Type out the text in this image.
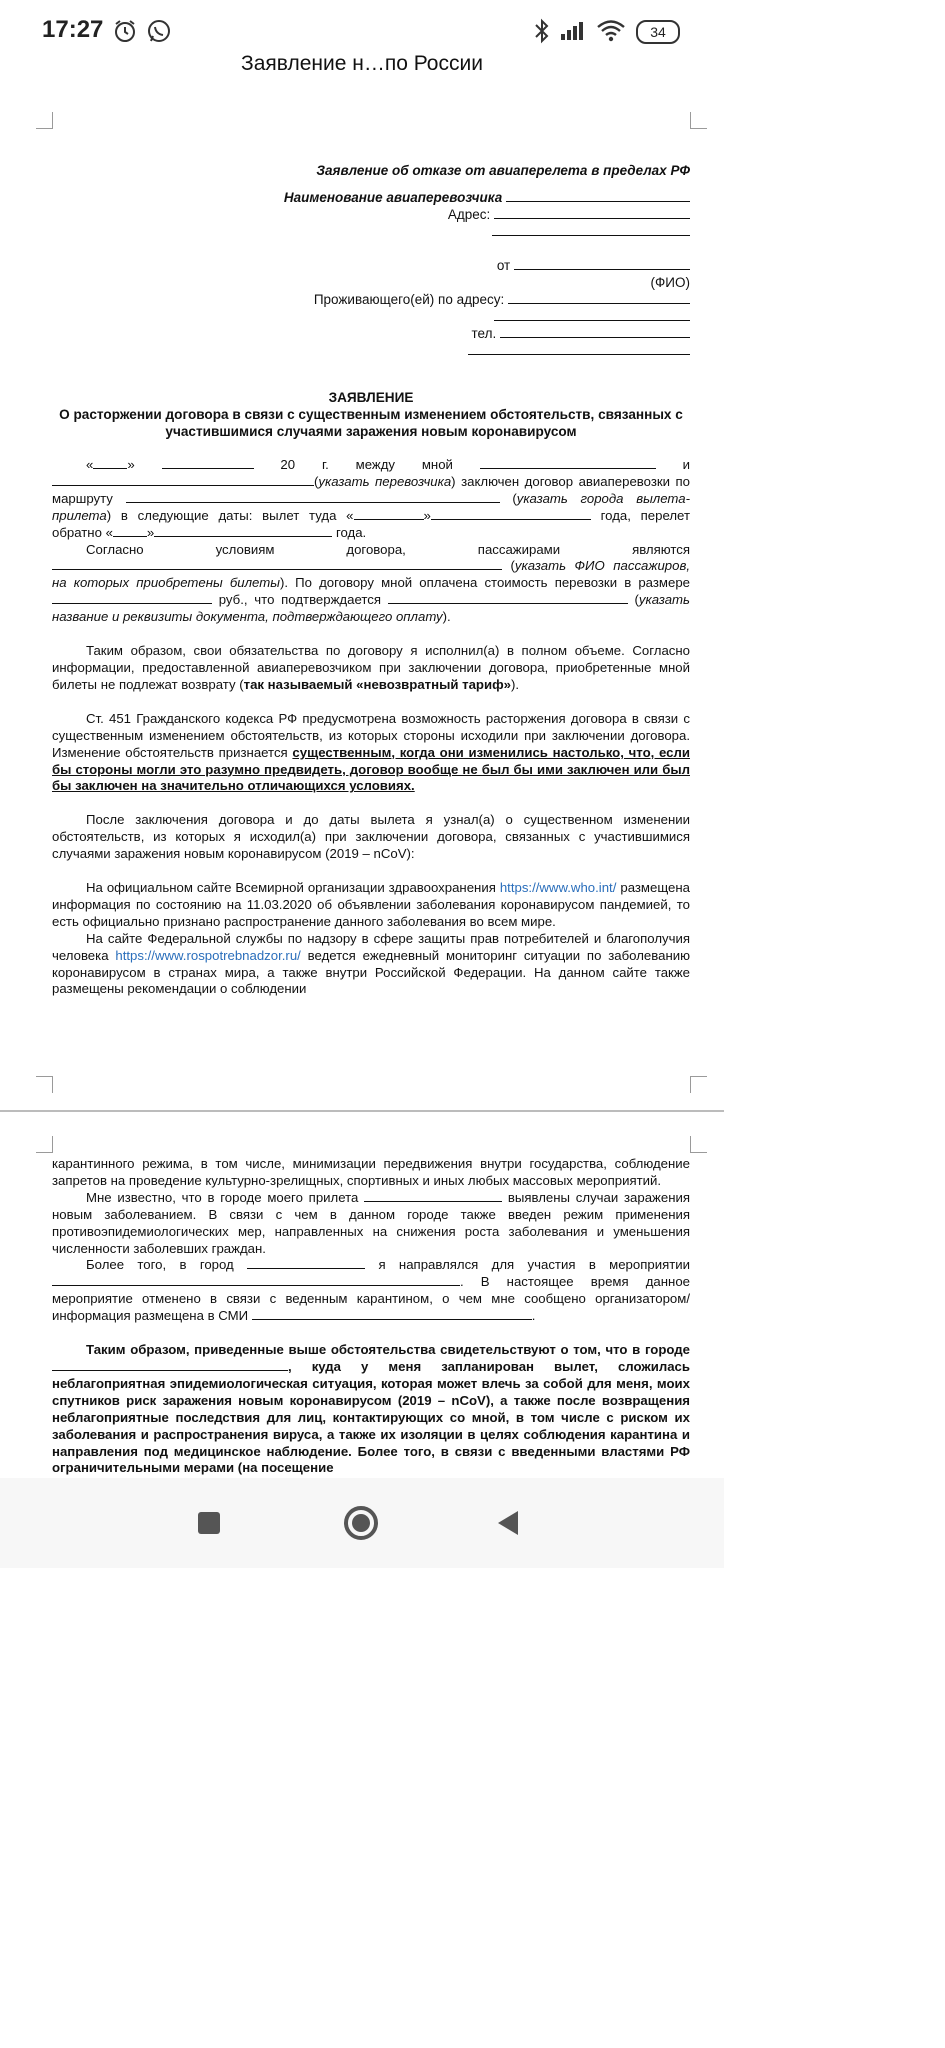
17:27	34
Заявление н…по России
Заявление об отказе от авиаперелета в пределах РФ
Наименование авиаперевозчика
Адрес:
от
(ФИО)
Проживающего(ей) по адресу:
тел.
ЗАЯВЛЕНИЕ
О расторжении договора в связи с существенным изменением обстоятельств, связанных с участившимися случаями заражения новым коронавирусом

«	»	20 г. между мной	и (указать перевозчика) заключен договор авиаперевозки по маршруту	(указать города вылета-прилета) в следующие даты: вылет туда «	»	года, перелет обратно «	»	года.

Согласно условиям договора, пассажирами являются  (указать ФИО пассажиров, на которых приобретены билеты). По договору мной оплачена стоимость перевозки в размере  руб., что подтверждается	(указать название и реквизиты документа, подтверждающего оплату).

Таким образом, свои обязательства по договору я исполнил(а) в полном объеме. Согласно информации, предоставленной авиаперевозчиком при заключении договора, приобретенные мной билеты не подлежат возврату (так называемый «невозвратный тариф»).

Ст. 451 Гражданского кодекса РФ предусмотрена возможность расторжения договора в связи с существенным изменением обстоятельств, из которых стороны исходили при заключении договора. Изменение обстоятельств признается существенным, когда они изменились настолько, что, если бы стороны могли это разумно предвидеть, договор вообще не был бы ими заключен или был бы заключен на значительно отличающихся условиях.

После заключения договора и до даты вылета я узнал(а) о существенном изменении обстоятельств, из которых я исходил(а) при заключении договора, связанных с участившимися случаями заражения новым коронавирусом (2019 – nCoV):

На официальном сайте Всемирной организации здравоохранения https://www.who.int/ размещена информация по состоянию на 11.03.2020 об объявлении заболевания коронавирусом пандемией, то есть официально признано распространение данного заболевания во всем мире.

На сайте Федеральной службы по надзору в сфере защиты прав потребителей и благополучия человека https://www.rospotrebnadzor.ru/ ведется ежедневный мониторинг ситуации по заболеванию коронавирусом в странах мира, а также внутри Российской Федерации. На данном сайте также размещены рекомендации о соблюдении

карантинного режима, в том числе, минимизации передвижения внутри государства, соблюдение запретов на проведение культурно-зрелищных, спортивных и иных любых массовых мероприятий.

Мне известно, что в городе моего прилета	выявлены случаи заражения новым заболеванием. В связи с чем в данном городе также введен режим применения противоэпидемиологических мер, направленных на снижения роста заболевания и уменьшения численности заболевших граждан.

Более того, в город	я направлялся для участия в мероприятии . В настоящее время данное мероприятие отменено в связи с веденным карантином, о чем мне сообщено организатором/ информация размещена в СМИ	.

Таким образом, приведенные выше обстоятельства свидетельствуют о том, что в городе , куда у меня запланирован вылет, сложилась неблагоприятная эпидемиологическая ситуация, которая может влечь за собой для меня, моих спутников риск заражения новым коронавирусом (2019 – nCoV), а также после возвращения неблагоприятные последствия для лиц, контактирующих со мной, в том числе с риском их заболевания и распространения вируса, а также их изоляции в целях соблюдения карантина и направления под медицинское наблюдение. Более того, в связи с введенными властями РФ ограничительными мерами (на посещение
